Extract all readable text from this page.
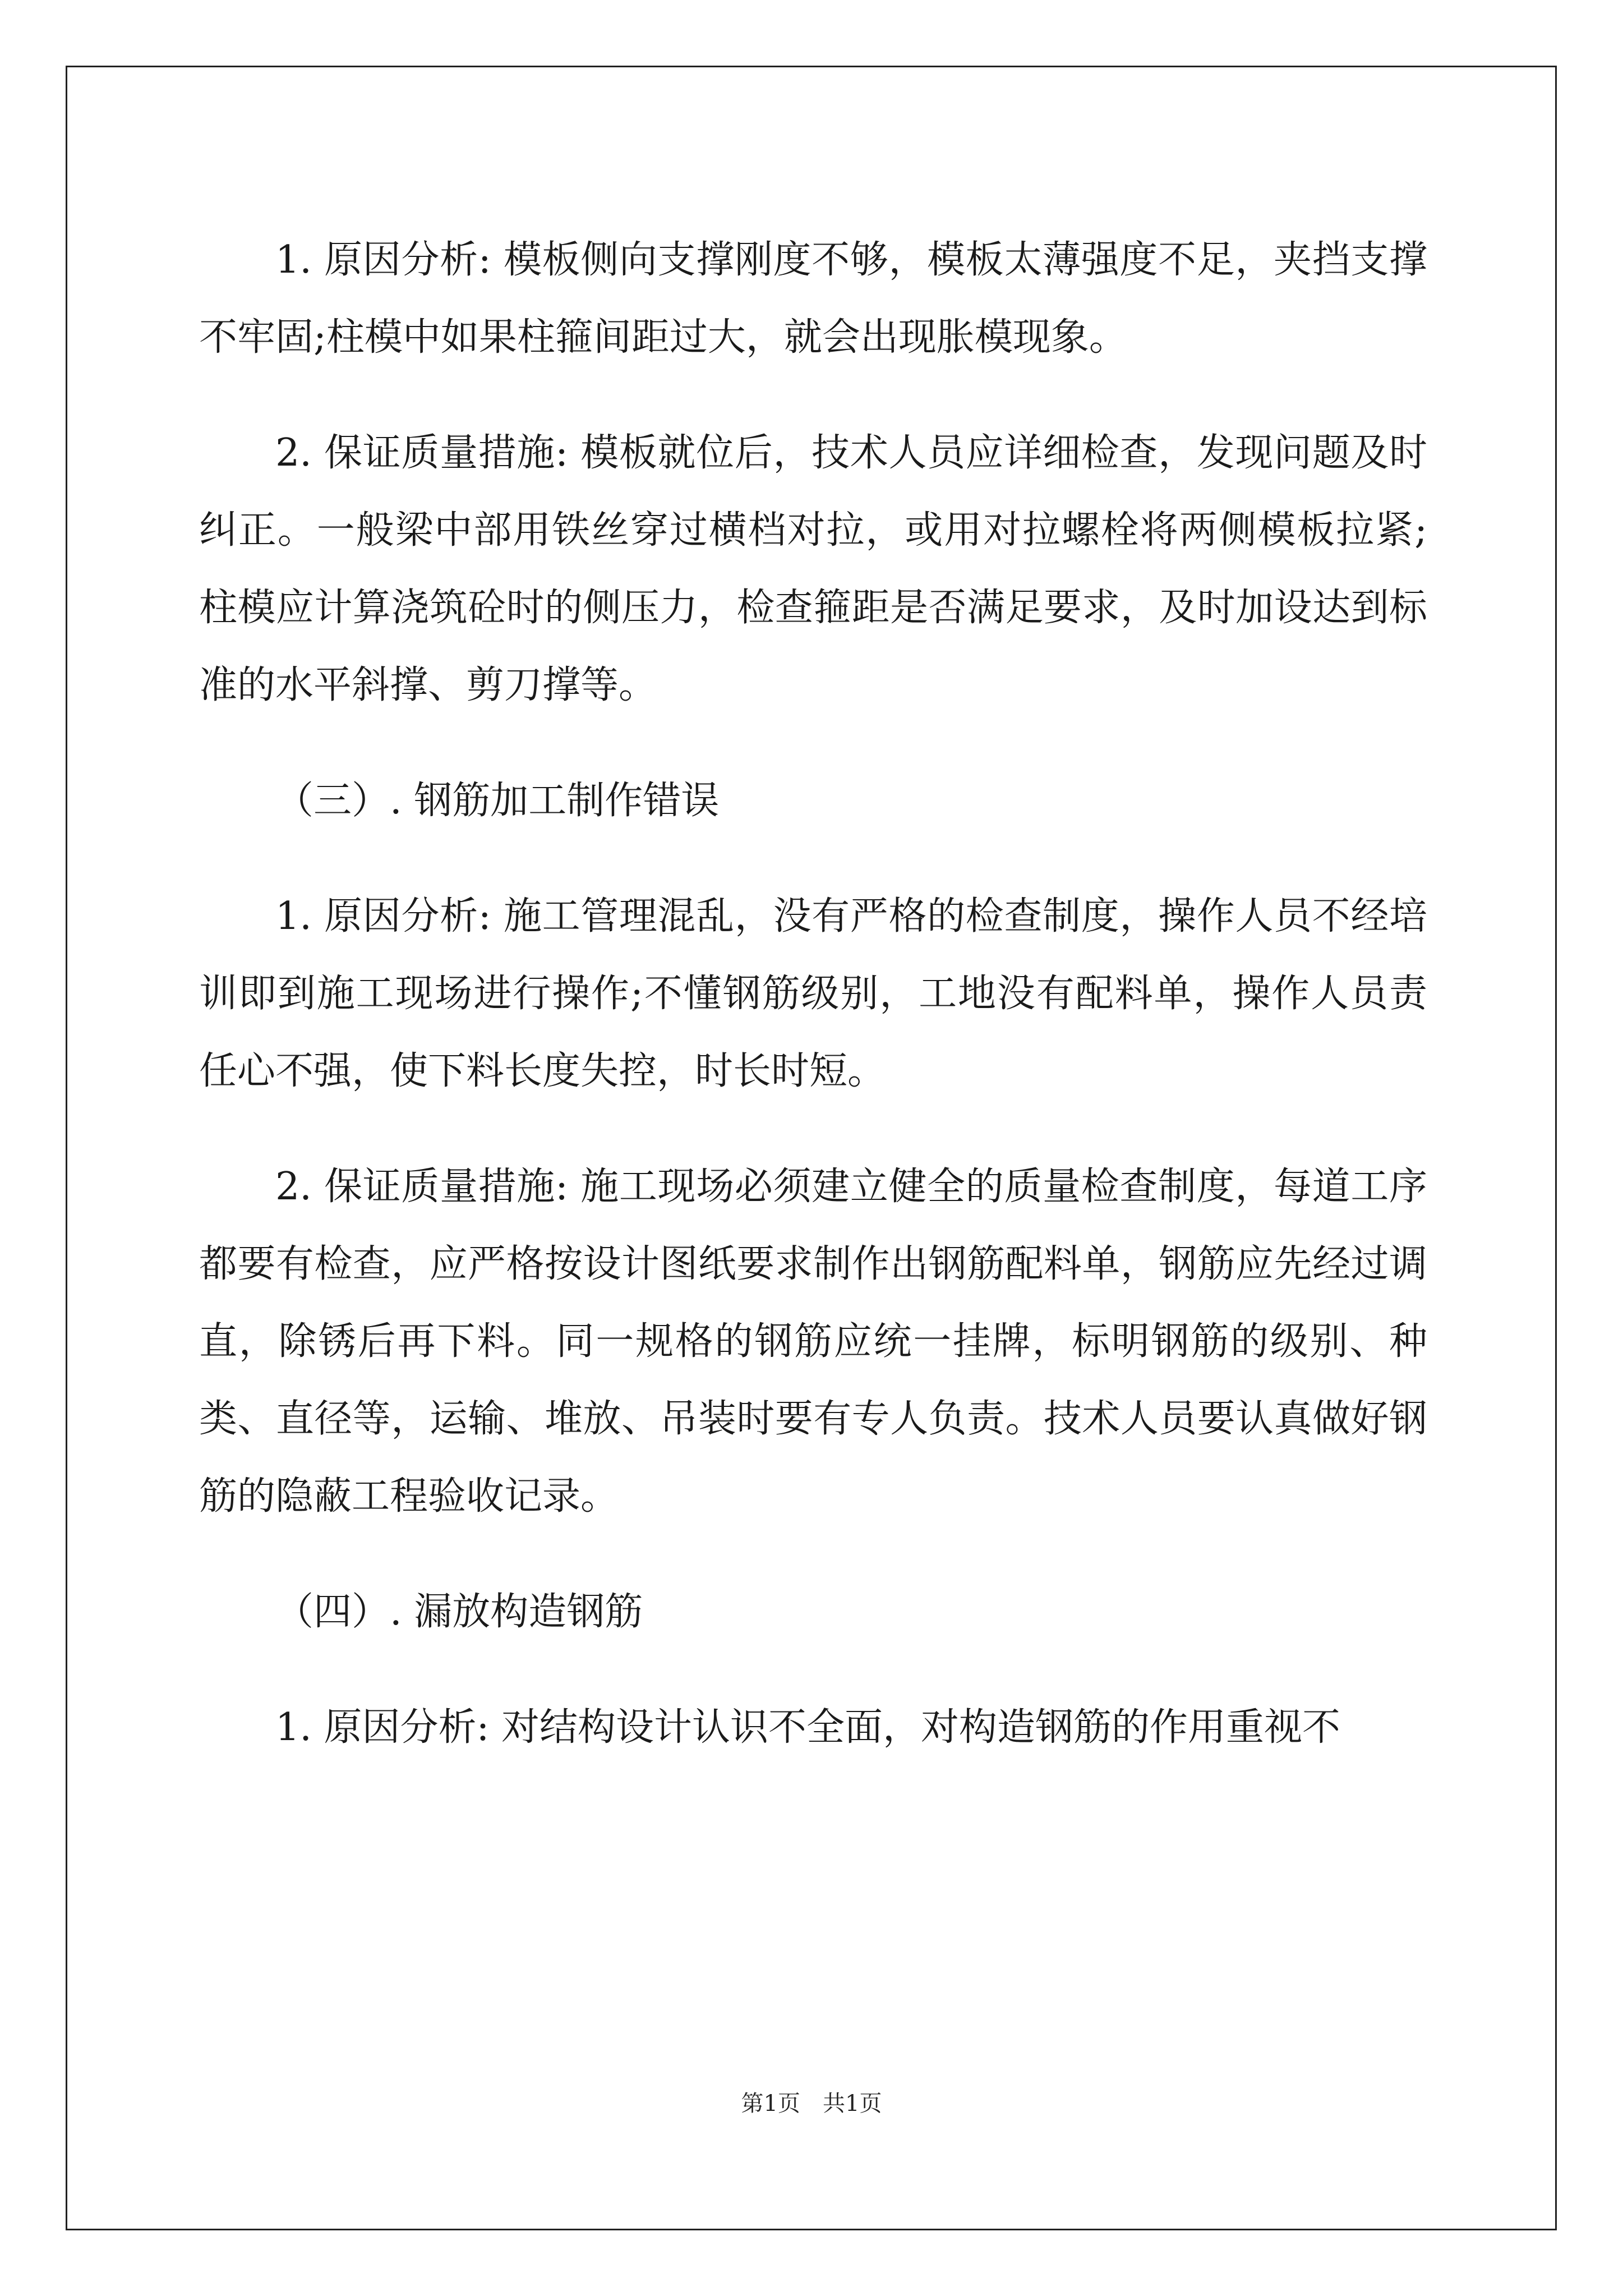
1. 原因分析: 模板侧向支撑刚度不够，模板太薄强度不足，夹挡支撑不牢固;柱模中如果柱箍间距过大，就会出现胀模现象。

2. 保证质量措施: 模板就位后，技术人员应详细检查，发现问题及时纠正。一般梁中部用铁丝穿过横档对拉，或用对拉螺栓将两侧模板拉紧;柱模应计算浇筑砼时的侧压力，检查箍距是否满足要求，及时加设达到标准的水平斜撑、剪刀撑等。

（三）. 钢筋加工制作错误

1. 原因分析: 施工管理混乱，没有严格的检查制度，操作人员不经培训即到施工现场进行操作;不懂钢筋级别，工地没有配料单，操作人员责任心不强，使下料长度失控，时长时短。

2. 保证质量措施: 施工现场必须建立健全的质量检查制度，每道工序都要有检查，应严格按设计图纸要求制作出钢筋配料单，钢筋应先经过调直，除锈后再下料。同一规格的钢筋应统一挂牌，标明钢筋的级别、种类、直径等，运输、堆放、吊装时要有专人负责。技术人员要认真做好钢筋的隐蔽工程验收记录。

（四）. 漏放构造钢筋

1. 原因分析: 对结构设计认识不全面，对构造钢筋的作用重视不

第1页　共1页
